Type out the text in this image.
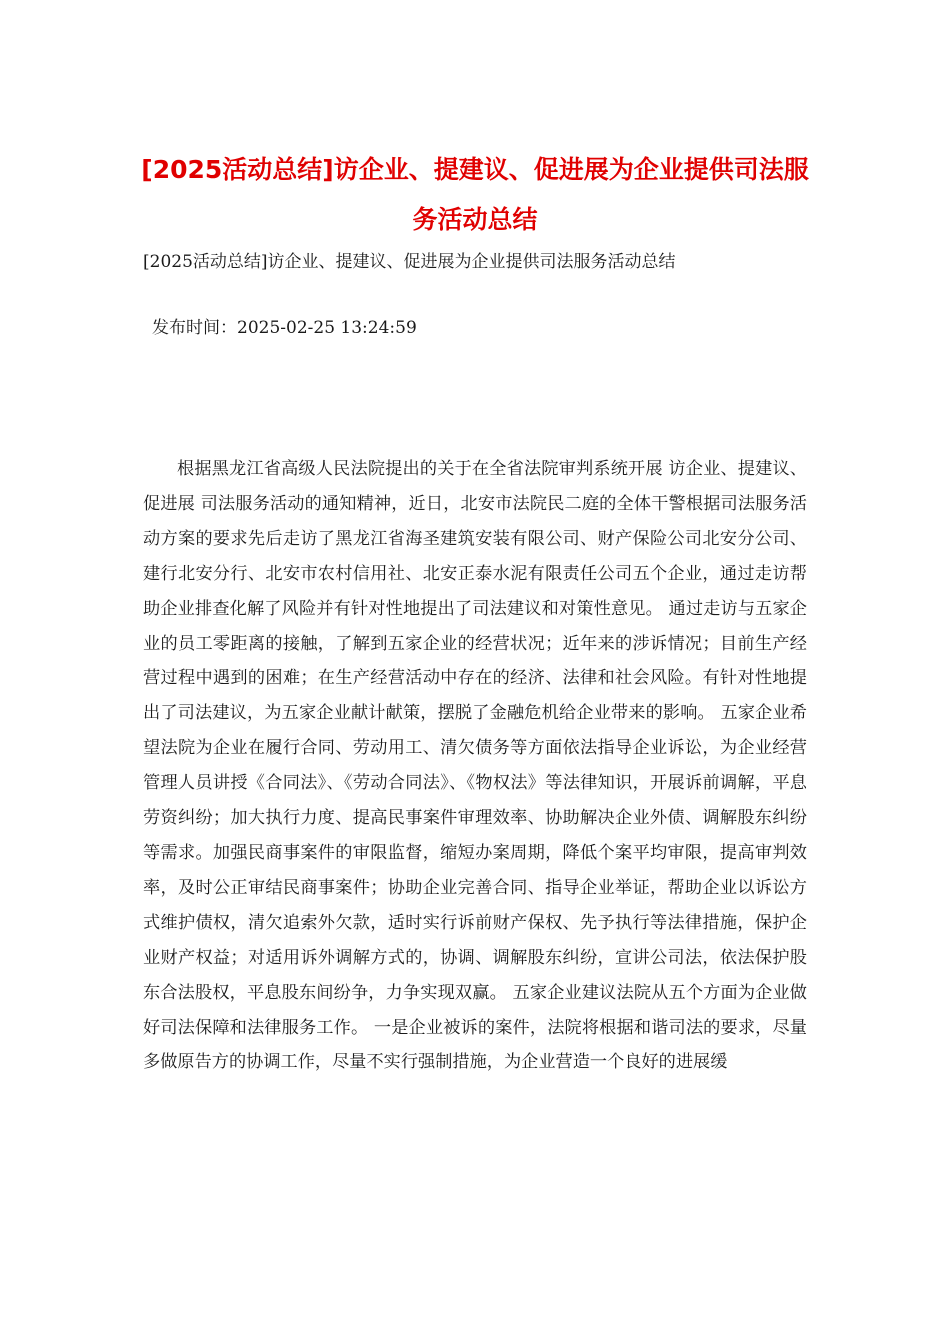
[2025活动总结]访企业、提建议、促进展为企业提供司法服务活动总结

[2025活动总结]访企业、提建议、促进展为企业提供司法服务活动总结

发布时间：2025-02-25 13:24:59

根据黑龙江省高级人民法院提出的关于在全省法院审判系统开展 访企业、提建议、促进展 司法服务活动的通知精神，近日，北安市法院民二庭的全体干警根据司法服务活动方案的要求先后走访了黑龙江省海圣建筑安装有限公司、财产保险公司北安分公司、建行北安分行、北安市农村信用社、北安正泰水泥有限责任公司五个企业，通过走访帮助企业排查化解了风险并有针对性地提出了司法建议和对策性意见。 通过走访与五家企业的员工零距离的接触，了解到五家企业的经营状况；近年来的涉诉情况；目前生产经营过程中遇到的困难；在生产经营活动中存在的经济、法律和社会风险。有针对性地提出了司法建议，为五家企业献计献策，摆脱了金融危机给企业带来的影响。 五家企业希望法院为企业在履行合同、劳动用工、清欠债务等方面依法指导企业诉讼，为企业经营管理人员讲授《合同法》、《劳动合同法》、《物权法》等法律知识，开展诉前调解，平息劳资纠纷；加大执行力度、提高民事案件审理效率、协助解决企业外债、调解股东纠纷等需求。加强民商事案件的审限监督，缩短办案周期，降低个案平均审限，提高审判效率，及时公正审结民商事案件；协助企业完善合同、指导企业举证，帮助企业以诉讼方式维护债权，清欠追索外欠款，适时实行诉前财产保权、先予执行等法律措施，保护企业财产权益；对适用诉外调解方式的，协调、调解股东纠纷，宣讲公司法，依法保护股东合法股权，平息股东间纷争，力争实现双赢。 五家企业建议法院从五个方面为企业做好司法保障和法律服务工作。 一是企业被诉的案件，法院将根据和谐司法的要求，尽量多做原告方的协调工作，尽量不实行强制措施，为企业营造一个良好的进展缓
